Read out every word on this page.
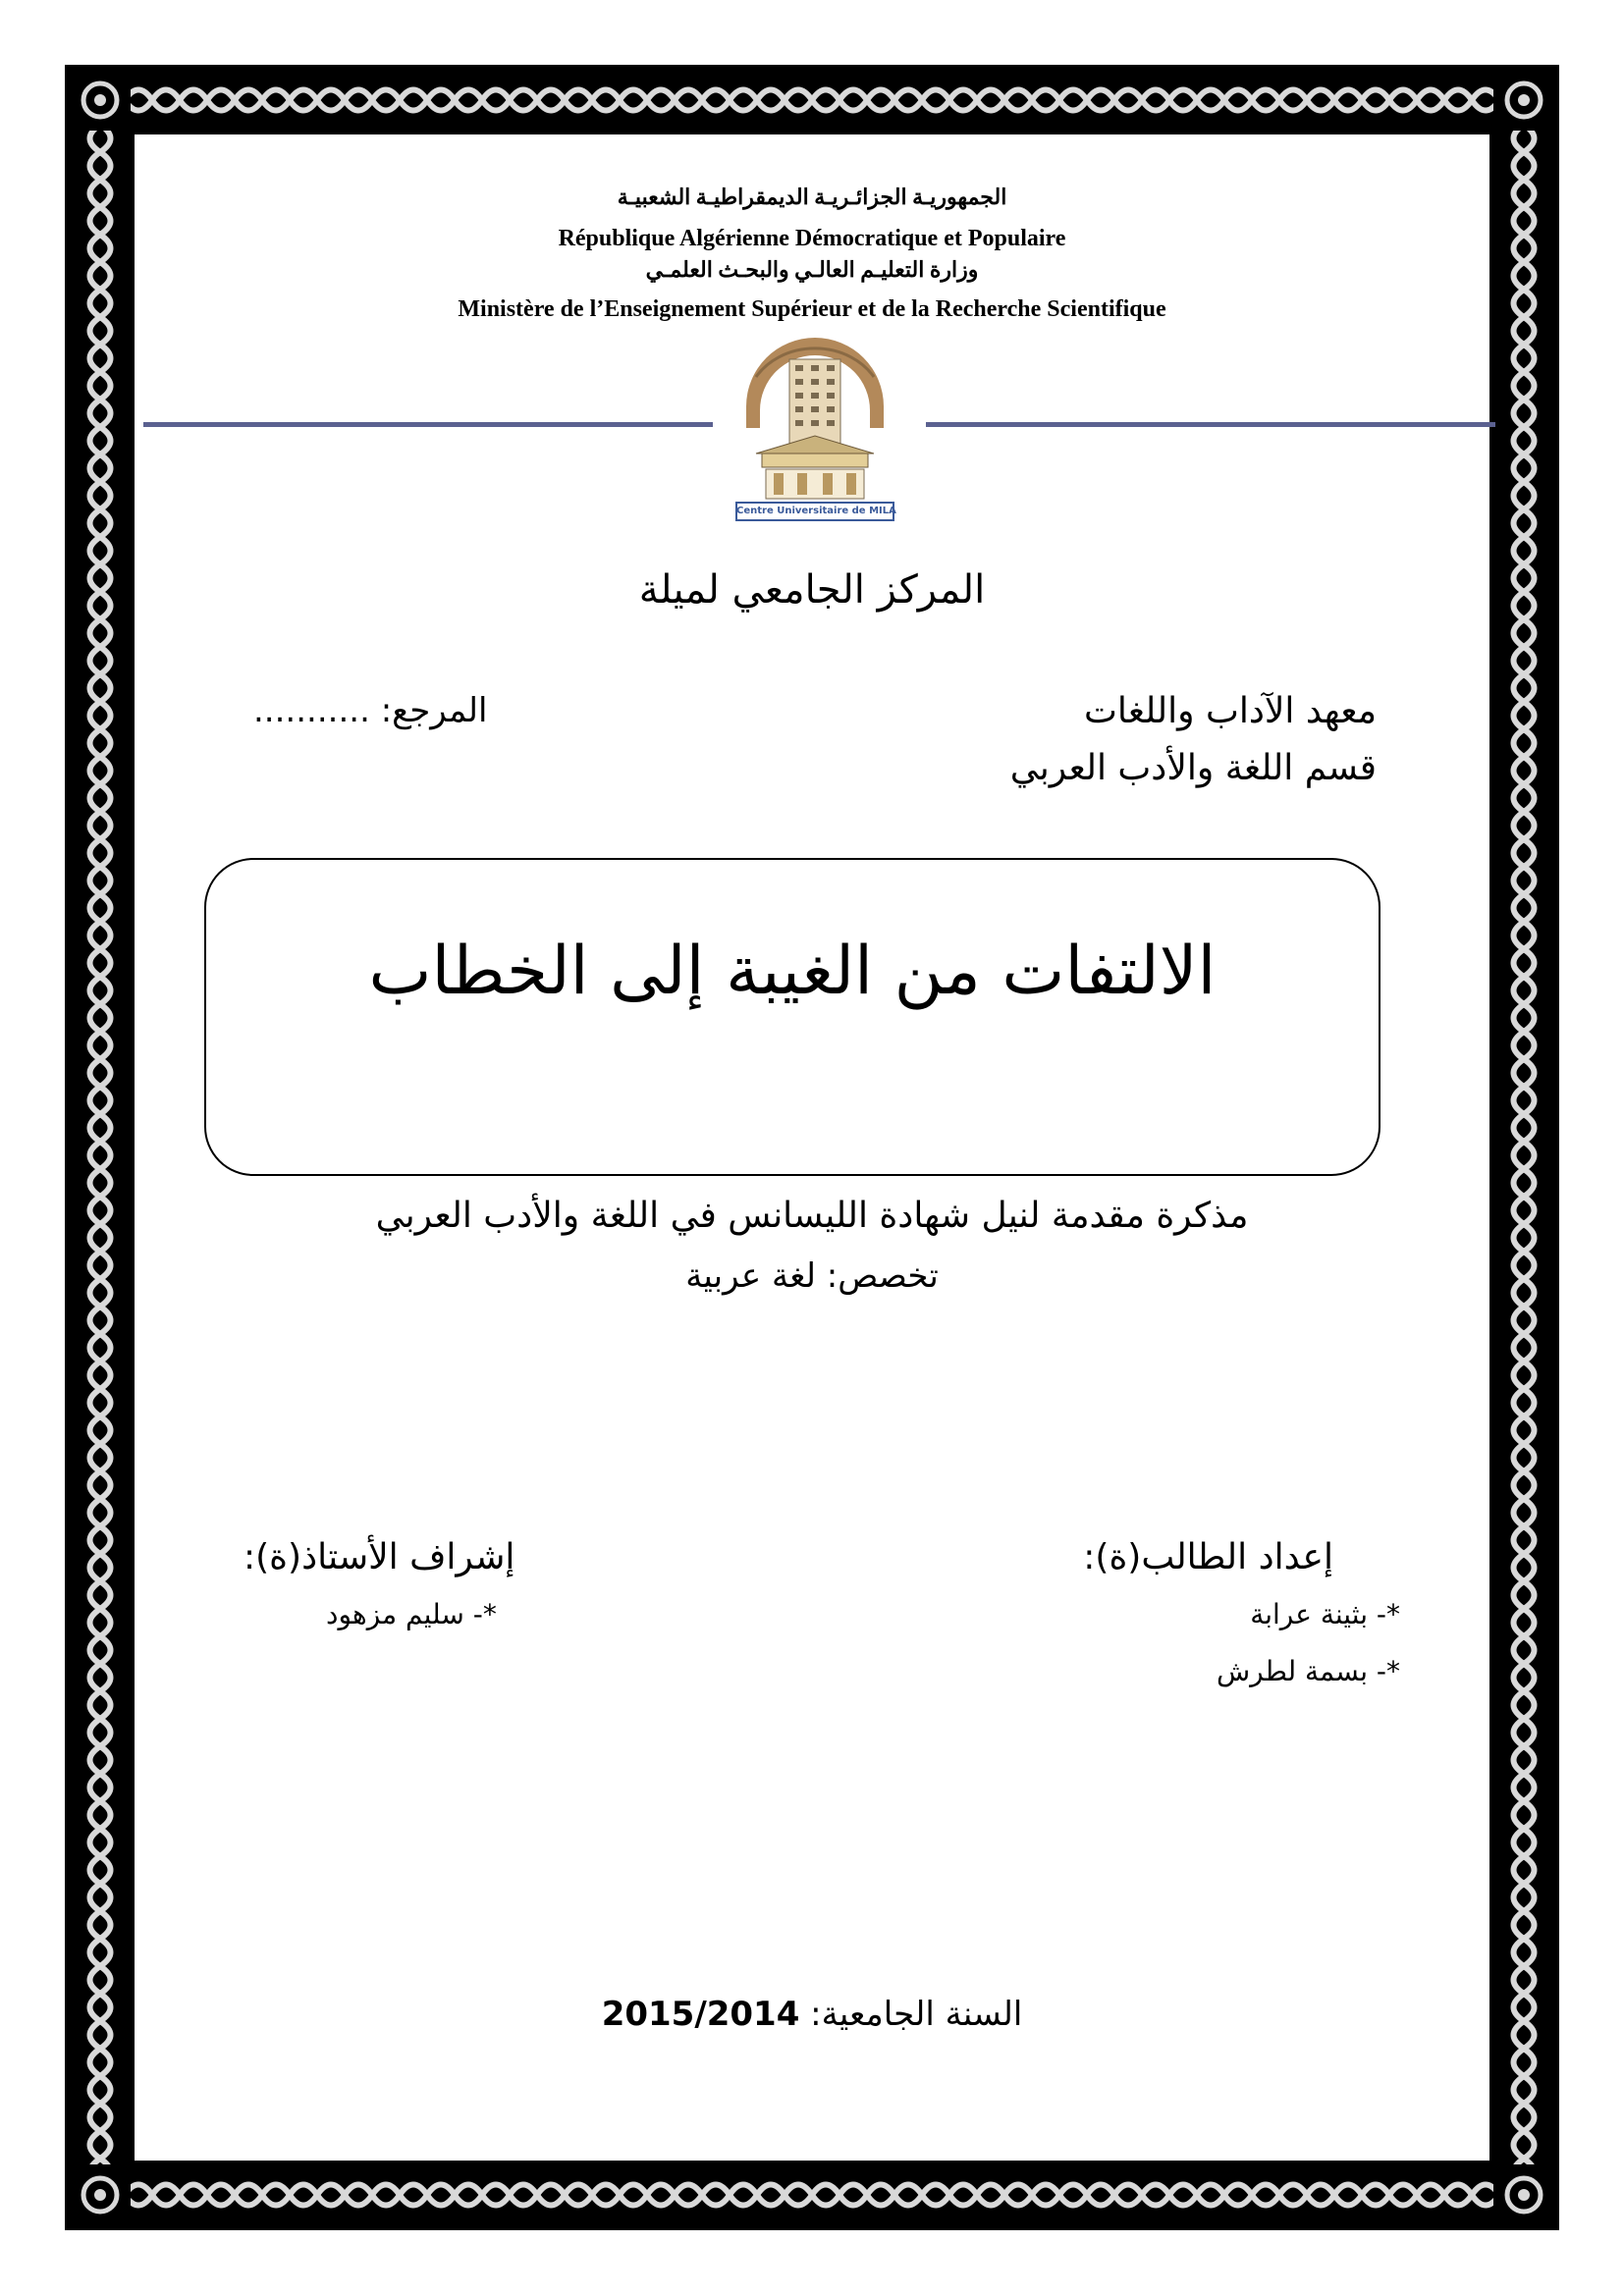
الجمهوريـة الجزائـريـة الديمقراطيـة الشعبيـة
République Algérienne Démocratique et Populaire
وزارة التعليـم العالـي والبحـث العلمـي
Ministère de l’Enseignement Supérieur et de la Recherche Scientifique
Centre Universitaire de MILA
المركز الجامعي لميلة
معهد الآداب واللغات
قسم اللغة والأدب العربي
المرجع: ...........
الالتفات من الغيبة إلى الخطاب
مذكرة مقدمة لنيل شهادة الليسانس في اللغة والأدب العربي
تخصص: لغة عربية
إعداد الطالب(ة):
إشراف الأستاذ(ة):
*- بثينة عرابة
*- بسمة لطرش
*- سليم مزهود
السنة الجامعية: 2015/2014
